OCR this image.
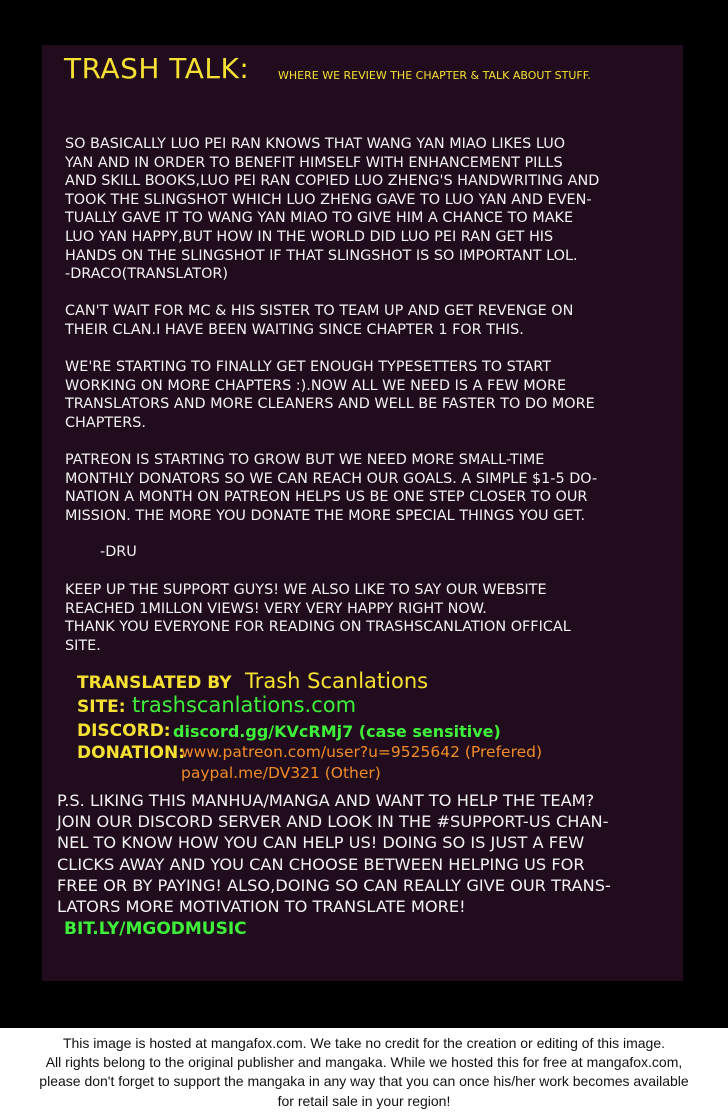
TRASH TALK:	WHERE WE REVIEW THE CHAPTER & TALK ABOUT STUFF.
SO BASICALLY LUO PEI RAN KNOWS THAT WANG YAN MIAO LIKES LUO
YAN AND IN ORDER TO BENEFIT HIMSELF WITH ENHANCEMENT PILLS
AND SKILL BOOKS,LUO PEI RAN COPIED LUO ZHENG'S HANDWRITING AND
TOOK THE SLINGSHOT WHICH LUO ZHENG GAVE TO LUO YAN AND EVEN-
TUALLY GAVE IT TO WANG YAN MIAO TO GIVE HIM A CHANCE TO MAKE
LUO YAN HAPPY,BUT HOW IN THE WORLD DID LUO PEI RAN GET HIS
HANDS ON THE SLINGSHOT IF THAT SLINGSHOT IS SO IMPORTANT LOL.
-DRACO(TRANSLATOR)
CAN'T WAIT FOR MC & HIS SISTER TO TEAM UP AND GET REVENGE ON
THEIR CLAN.I HAVE BEEN WAITING SINCE CHAPTER 1 FOR THIS.
WE'RE STARTING TO FINALLY GET ENOUGH TYPESETTERS TO START
WORKING ON MORE CHAPTERS :).NOW ALL WE NEED IS A FEW MORE
TRANSLATORS AND MORE CLEANERS AND WELL BE FASTER TO DO MORE
CHAPTERS.
PATREON IS STARTING TO GROW BUT WE NEED MORE SMALL-TIME
MONTHLY DONATORS SO WE CAN REACH OUR GOALS. A SIMPLE $1-5 DO-
NATION A MONTH ON PATREON HELPS US BE ONE STEP CLOSER TO OUR
MISSION. THE MORE YOU DONATE THE MORE SPECIAL THINGS YOU GET.
-DRU
KEEP UP THE SUPPORT GUYS! WE ALSO LIKE TO SAY OUR WEBSITE
REACHED 1MILLON VIEWS! VERY VERY HAPPY RIGHT NOW.
THANK YOU EVERYONE FOR READING ON TRASHSCANLATION OFFICAL
SITE.
TRANSLATED BY Trash Scanlations
SITE: trashscanlations.com
DISCORD: discord.gg/KVcRMj7 (case sensitive)
DONATION:
www.patreon.com/user?u=9525642 (Prefered)
paypal.me/DV321 (Other)
P.S. LIKING THIS MANHUA/MANGA AND WANT TO HELP THE TEAM?
JOIN OUR DISCORD SERVER AND LOOK IN THE #SUPPORT-US CHAN-
NEL TO KNOW HOW YOU CAN HELP US! DOING SO IS JUST A FEW
CLICKS AWAY AND YOU CAN CHOOSE BETWEEN HELPING US FOR
FREE OR BY PAYING! ALSO,DOING SO CAN REALLY GIVE OUR TRANS-
LATORS MORE MOTIVATION TO TRANSLATE MORE!
BIT.LY/MGODMUSIC
This image is hosted at mangafox.com. We take no credit for the creation or editing of this image.
All rights belong to the original publisher and mangaka. While we hosted this for free at mangafox.com,
please don't forget to support the mangaka in any way that you can once his/her work becomes available
for retail sale in your region!
